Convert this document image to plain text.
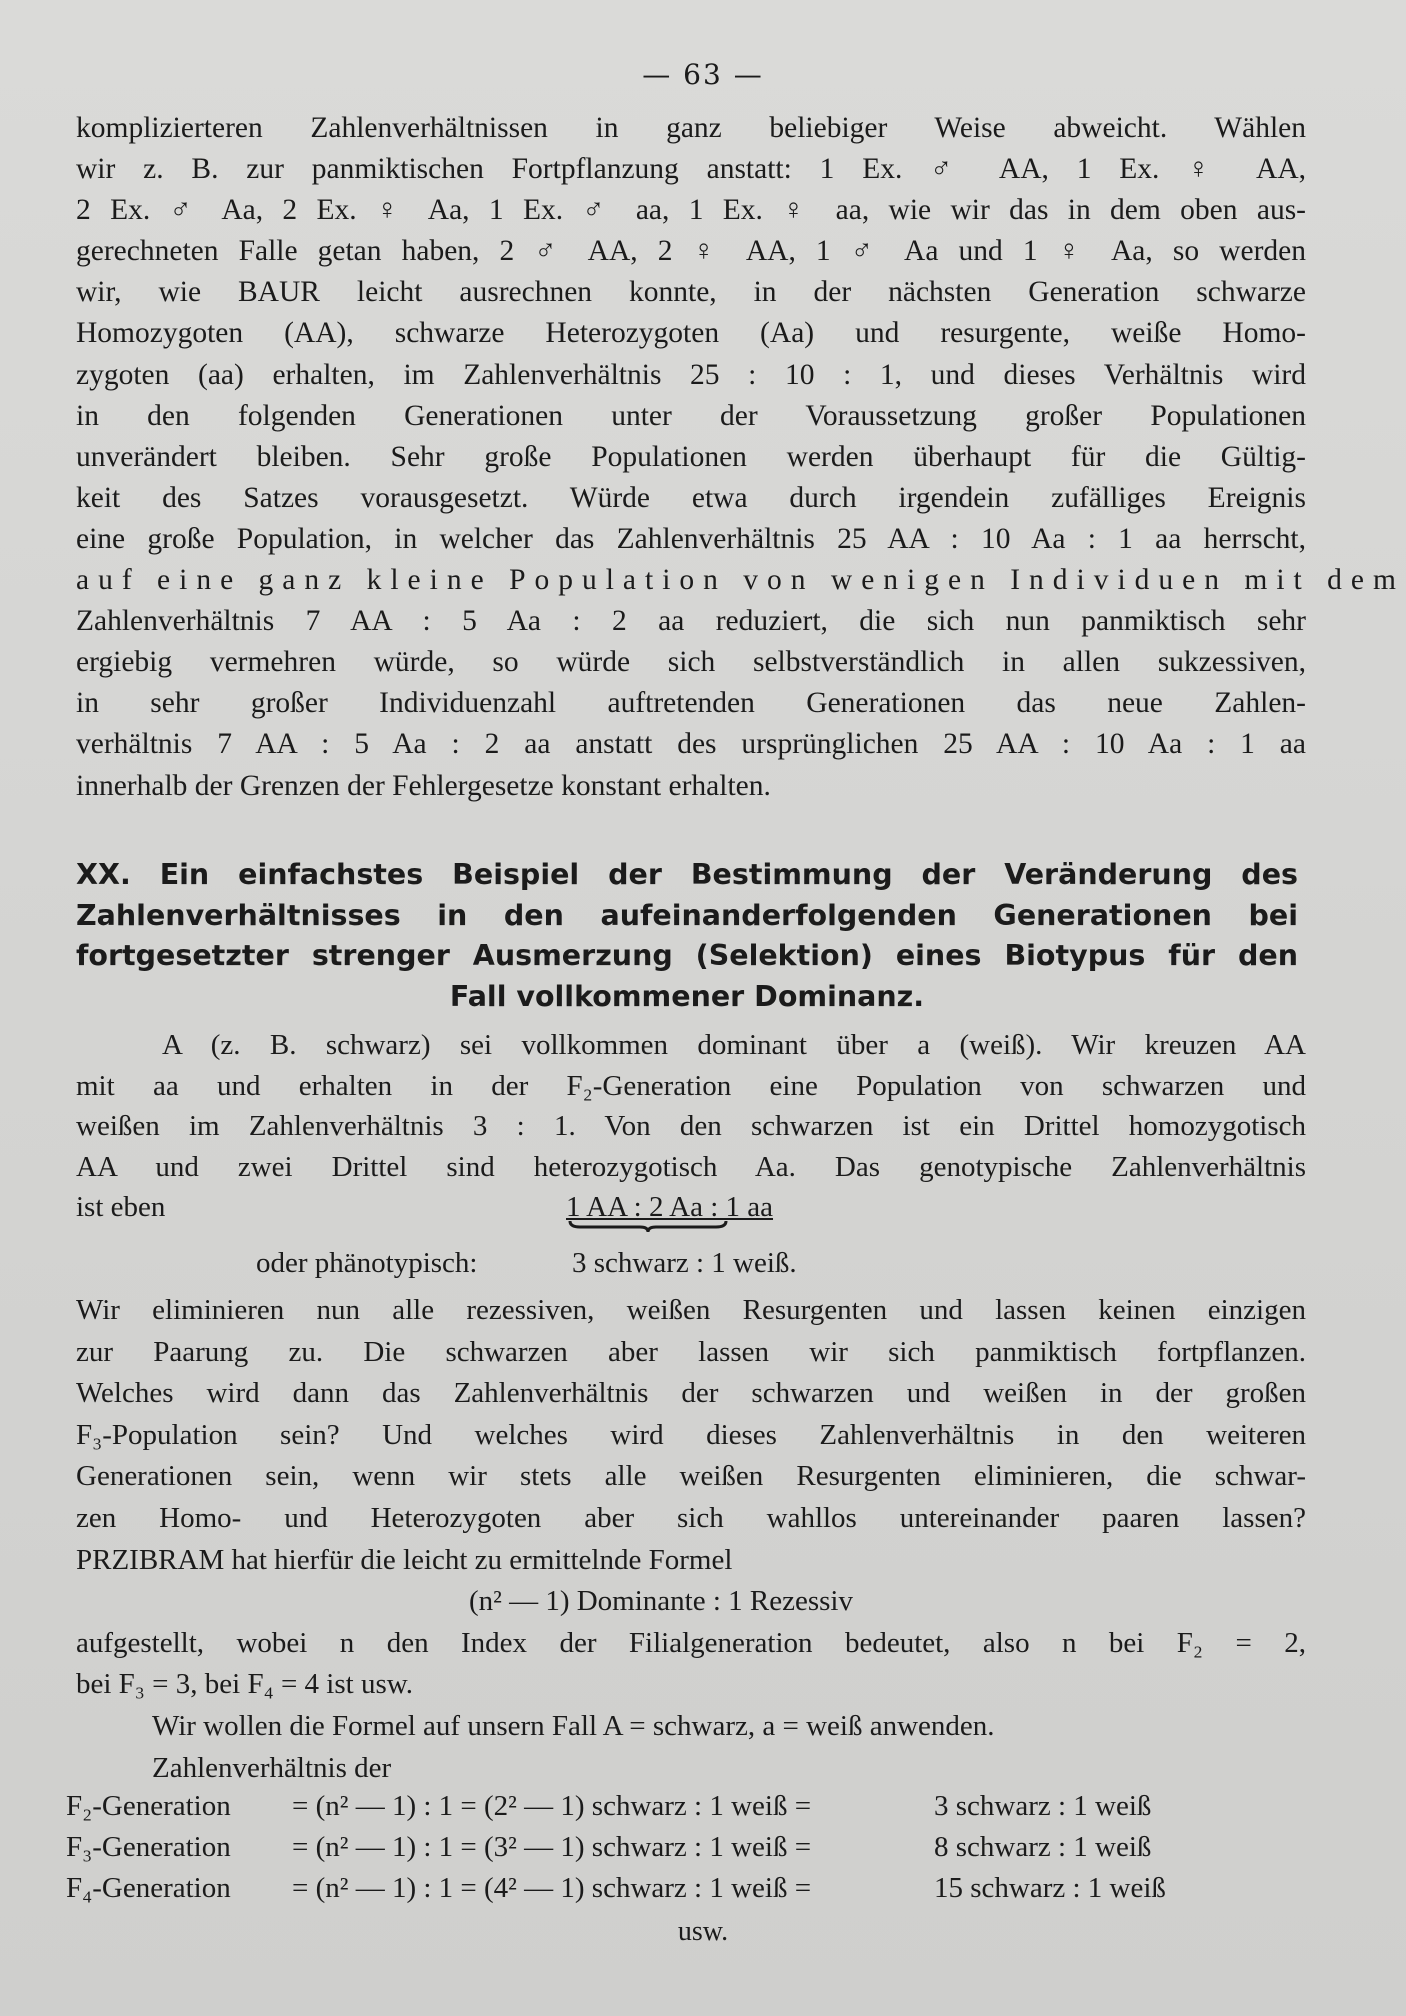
— 63 —
komplizierteren Zahlenverhältnissen in ganz beliebiger Weise abweicht. Wählen
wir z. B. zur panmiktischen Fortpflanzung anstatt: 1 Ex. ♂ AA, 1 Ex. ♀ AA,
2 Ex. ♂ Aa, 2 Ex. ♀ Aa, 1 Ex. ♂ aa, 1 Ex. ♀ aa, wie wir das in dem oben aus-
gerechneten Falle getan haben, 2 ♂ AA, 2 ♀ AA, 1 ♂ Aa und 1 ♀ Aa, so werden
wir, wie BAUR leicht ausrechnen konnte, in der nächsten Generation schwarze
Homozygoten (AA), schwarze Heterozygoten (Aa) und resurgente, weiße Homo-
zygoten (aa) erhalten, im Zahlenverhältnis 25 : 10 : 1, und dieses Verhältnis wird
in den folgenden Generationen unter der Voraussetzung großer Populationen
unverändert bleiben. Sehr große Populationen werden überhaupt für die Gültig-
keit des Satzes vorausgesetzt. Würde etwa durch irgendein zufälliges Ereignis
eine große Population, in welcher das Zahlenverhältnis 25 AA : 10 Aa : 1 aa herrscht,
auf eine ganz kleine Population von wenigen Individuen mit dem
Zahlenverhältnis 7 AA : 5 Aa : 2 aa reduziert, die sich nun panmiktisch sehr
ergiebig vermehren würde, so würde sich selbstverständlich in allen sukzessiven,
in sehr großer Individuenzahl auftretenden Generationen das neue Zahlen-
verhältnis 7 AA : 5 Aa : 2 aa anstatt des ursprünglichen 25 AA : 10 Aa : 1 aa
innerhalb der Grenzen der Fehlergesetze konstant erhalten.
XX. Ein einfachstes Beispiel der Bestimmung der Veränderung des
Zahlenverhältnisses in den aufeinanderfolgenden Generationen bei
fortgesetzter strenger Ausmerzung (Selektion) eines Biotypus für den
Fall vollkommener Dominanz.
A (z. B. schwarz) sei vollkommen dominant über a (weiß). Wir kreuzen AA
mit aa und erhalten in der F₂-Generation eine Population von schwarzen und
weißen im Zahlenverhältnis 3 : 1. Von den schwarzen ist ein Drittel homozygotisch
AA und zwei Drittel sind heterozygotisch Aa. Das genotypische Zahlenverhältnis
ist eben	1 AA : 2 Aa : 1 aa
oder phänotypisch:	3 schwarz : 1 weiß.
Wir eliminieren nun alle rezessiven, weißen Resurgenten und lassen keinen einzigen
zur Paarung zu. Die schwarzen aber lassen wir sich panmiktisch fortpflanzen.
Welches wird dann das Zahlenverhältnis der schwarzen und weißen in der großen
F₃-Population sein? Und welches wird dieses Zahlenverhältnis in den weiteren
Generationen sein, wenn wir stets alle weißen Resurgenten eliminieren, die schwar-
zen Homo- und Heterozygoten aber sich wahllos untereinander paaren lassen?
PRZIBRAM hat hierfür die leicht zu ermittelnde Formel
(n² — 1) Dominante : 1 Rezessiv
aufgestellt, wobei n den Index der Filialgeneration bedeutet, also n bei F₂ = 2,
bei F₃ = 3, bei F₄ = 4 ist usw.
Wir wollen die Formel auf unsern Fall A = schwarz, a = weiß anwenden.
Zahlenverhältnis der
F₂-Generation = (n² — 1) : 1 = (2² — 1) schwarz : 1 weiß =	3 schwarz : 1 weiß
F₃-Generation = (n² — 1) : 1 = (3² — 1) schwarz : 1 weiß =	8 schwarz : 1 weiß
F₄-Generation = (n² — 1) : 1 = (4² — 1) schwarz : 1 weiß =	15 schwarz : 1 weiß
usw.
